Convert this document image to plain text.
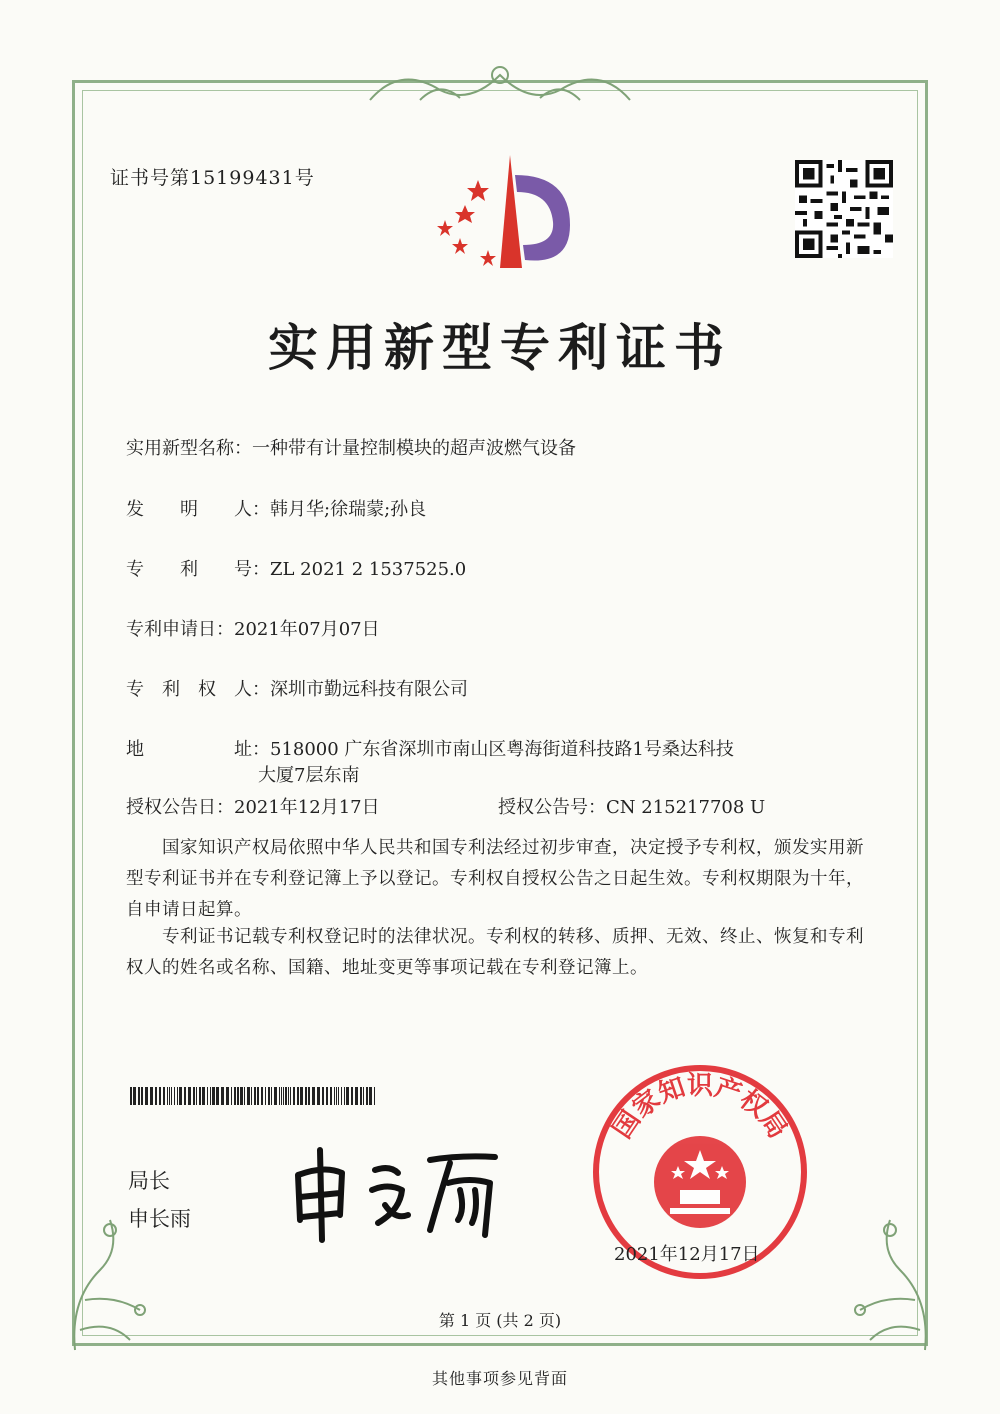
证书号第15199431号
实用新型专利证书
实用新型名称：一种带有计量控制模块的超声波燃气设备
发　　明　　人：韩月华;徐瑞蒙;孙良
专　　利　　号：ZL 2021 2 1537525.0
专利申请日：2021年07月07日
专　利　权　人：深圳市勤远科技有限公司
地　　　　　址：518000 广东省深圳市南山区粤海街道科技路1号桑达科技
大厦7层东南
授权公告日：2021年12月17日	授权公告号：CN 215217708 U
国家知识产权局依照中华人民共和国专利法经过初步审查，决定授予专利权，颁发实用新型专利证书并在专利登记簿上予以登记。专利权自授权公告之日起生效。专利权期限为十年，自申请日起算。
专利证书记载专利权登记时的法律状况。专利权的转移、质押、无效、终止、恢复和专利权人的姓名或名称、国籍、地址变更等事项记载在专利登记簿上。
局长
申长雨
国家知识产权局
2021年12月17日
第 1 页 (共 2 页)
其他事项参见背面
